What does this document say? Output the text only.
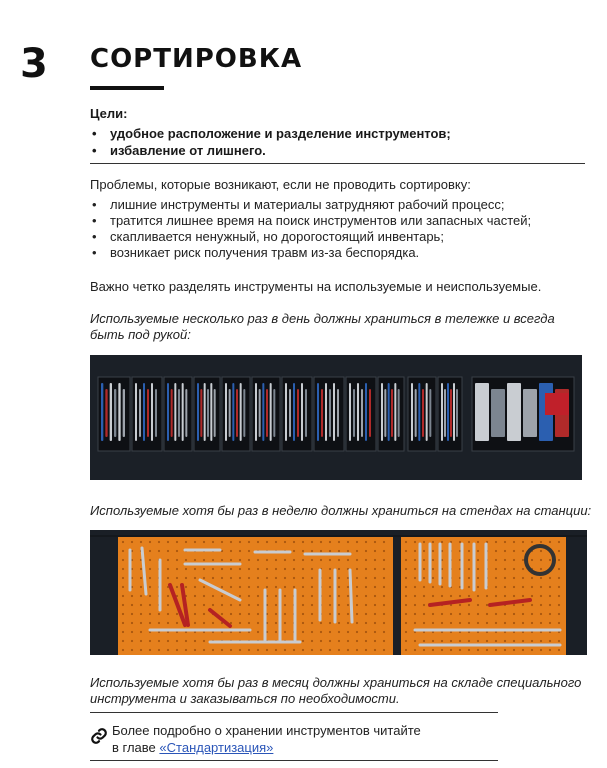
3 СОРТИРОВКА
Цели:
• удобное расположение и разделение инструментов;
• избавление от лишнего.
Проблемы, которые возникают, если не проводить сортировку:
• лишние инструменты и материалы затрудняют рабочий процесс;
• тратится лишнее время на поиск инструментов или запасных частей;
• скапливается ненужный, но дорогостоящий инвентарь;
• возникает риск получения травм из-за беспорядка.
Важно четко разделять инструменты на используемые и неиспользуемые.
Используемые несколько раз в день должны храниться в тележке и всегда
быть под рукой:
Используемые хотя бы раз в неделю должны храниться на стендах на станции:
Используемые хотя бы раз в месяц должны храниться на складе специального
инструмента и заказываться по необходимости.
Более подробно о хранении инструментов читайте
в главе «Стандартизация»
